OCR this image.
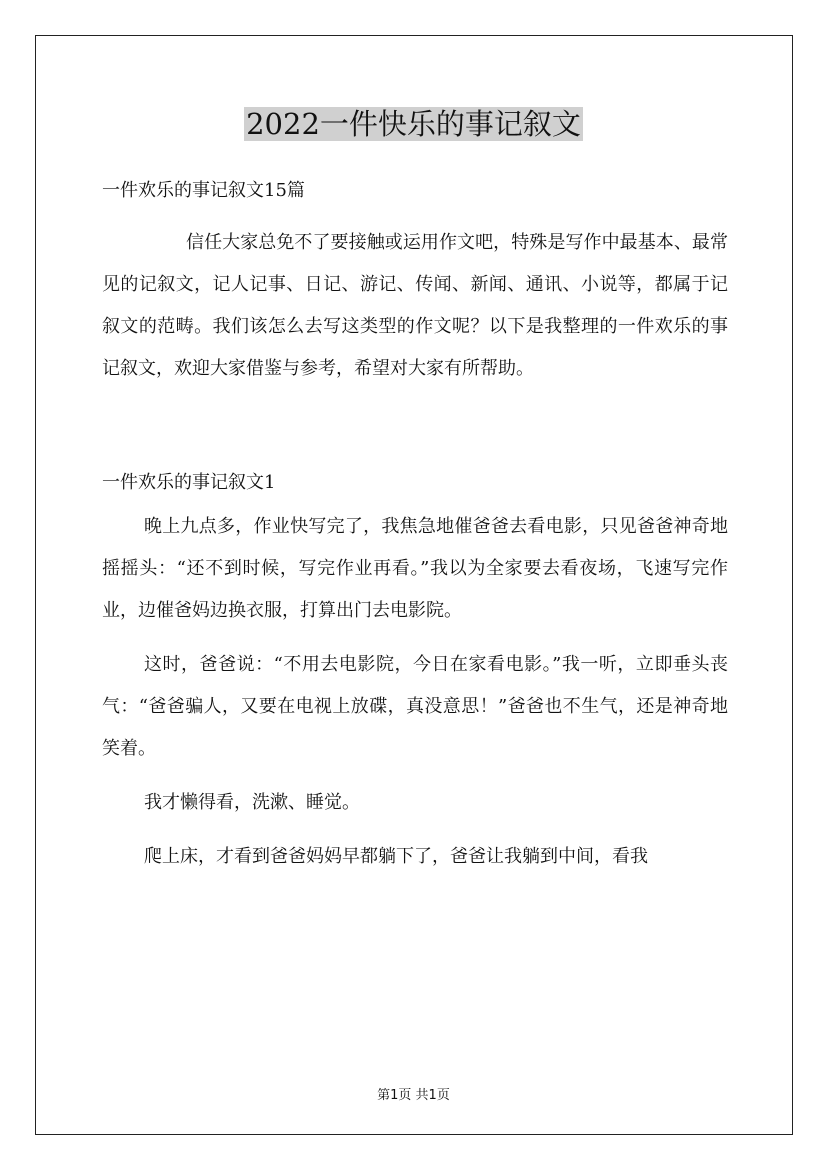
2022一件快乐的事记叙文

一件欢乐的事记叙文15篇

信任大家总免不了要接触或运用作文吧，特殊是写作中最基本、最常见的记叙文，记人记事、日记、游记、传闻、新闻、通讯、小说等，都属于记叙文的范畴。我们该怎么去写这类型的作文呢？以下是我整理的一件欢乐的事记叙文，欢迎大家借鉴与参考，希望对大家有所帮助。

一件欢乐的事记叙文1

晚上九点多，作业快写完了，我焦急地催爸爸去看电影，只见爸爸神奇地摇摇头：“还不到时候，写完作业再看。”我以为全家要去看夜场，飞速写完作业，边催爸妈边换衣服，打算出门去电影院。

这时，爸爸说：“不用去电影院，今日在家看电影。”我一听，立即垂头丧气：“爸爸骗人，又要在电视上放碟，真没意思！”爸爸也不生气，还是神奇地笑着。

我才懒得看，洗漱、睡觉。

爬上床，才看到爸爸妈妈早都躺下了，爸爸让我躺到中间，看我

第1页 共1页
